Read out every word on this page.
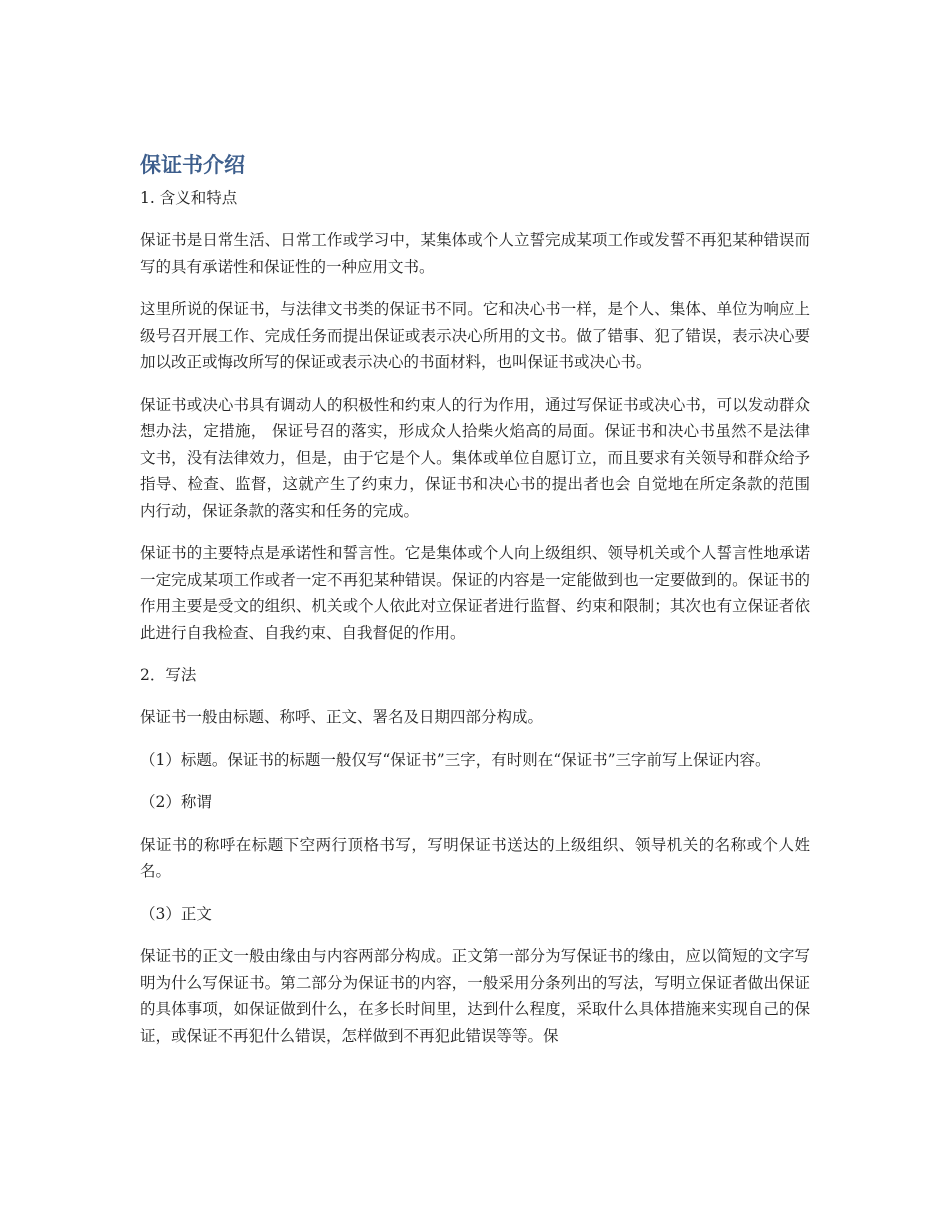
保证书介绍
1. 含义和特点

保证书是日常生活、日常工作或学习中，某集体或个人立誓完成某项工作或发誓不再犯某种错误而写的具有承诺性和保证性的一种应用文书。

这里所说的保证书，与法律文书类的保证书不同。它和决心书一样，是个人、集体、单位为响应上级号召开展工作、完成任务而提出保证或表示决心所用的文书。做了错事、犯了错误，表示决心要加以改正或悔改所写的保证或表示决心的书面材料，也叫保证书或决心书。

保证书或决心书具有调动人的积极性和约束人的行为作用，通过写保证书或决心书，可以发动群众想办法，定措施， 保证号召的落实，形成众人拾柴火焰高的局面。保证书和决心书虽然不是法律文书，没有法律效力，但是，由于它是个人。集体或单位自愿订立，而且要求有关领导和群众给予指导、检查、监督，这就产生了约束力，保证书和决心书的提出者也会 自觉地在所定条款的范围内行动，保证条款的落实和任务的完成。

保证书的主要特点是承诺性和誓言性。它是集体或个人向上级组织、领导机关或个人誓言性地承诺一定完成某项工作或者一定不再犯某种错误。保证的内容是一定能做到也一定要做到的。保证书的作用主要是受文的组织、机关或个人依此对立保证者进行监督、约束和限制；其次也有立保证者依此进行自我检查、自我约束、自我督促的作用。

2．写法

保证书一般由标题、称呼、正文、署名及日期四部分构成。

（1）标题。保证书的标题一般仅写“保证书”三字，有时则在“保证书”三字前写上保证内容。

（2）称谓

保证书的称呼在标题下空两行顶格书写，写明保证书送达的上级组织、领导机关的名称或个人姓名。

（3）正文

保证书的正文一般由缘由与内容两部分构成。正文第一部分为写保证书的缘由，应以简短的文字写明为什么写保证书。第二部分为保证书的内容，一般采用分条列出的写法，写明立保证者做出保证的具体事项，如保证做到什么，在多长时间里，达到什么程度，采取什么具体措施来实现自己的保证，或保证不再犯什么错误，怎样做到不再犯此错误等等。保
